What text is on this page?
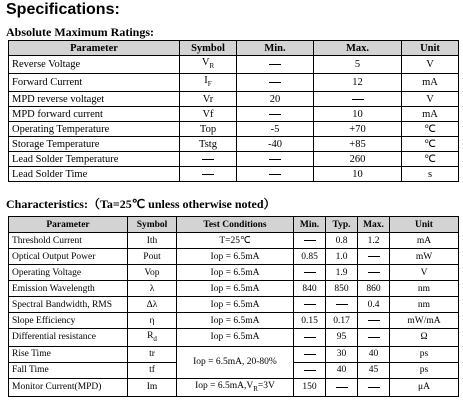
Specifications:
Absolute Maximum Ratings:
Parameter	Symbol	Min.	Max.	Unit
Reverse Voltage	$V_R$		5	V
Forward Current	$I_F$		12	mA
MPD reverse voltaget	Vr	20		V
MPD forward current	Vf		10	mA
Operating Temperature	Top	-5	+70	℃
Storage Temperature	Tstg	-40	+85	℃
Lead Solder Temperature			260	℃
Lead Solder Time			10	s
Characteristics:（Ta=25℃ unless otherwise noted）
Parameter	Symbol	Test Conditions	Min.	Typ.	Max.	Unit
Threshold Current	Ith	T=25℃		0.8	1.2	mA
Optical Output Power	Pout	Iop = 6.5mA	0.85	1.0		mW
Operating Voltage	Vop	Iop = 6.5mA		1.9		V
Emission Wavelength	λ	Iop = 6.5mA	840	850	860	nm
Spectral Bandwidth, RMS	Δλ	Iop = 6.5mA			0.4	nm
Slope Efficiency	η	Iop = 6.5mA	0.15	0.17		mW/mA
Differential resistance	$R_d$	Iop = 6.5mA		95		Ω
Rise Time	tr	Iop = 6.5mA, 20-80%		30	40	ps
Fall Time	tf			40	45	ps
Monitor Current(MPD)	Im	Iop = $6.5mA,V_R=3V$	150			μA
